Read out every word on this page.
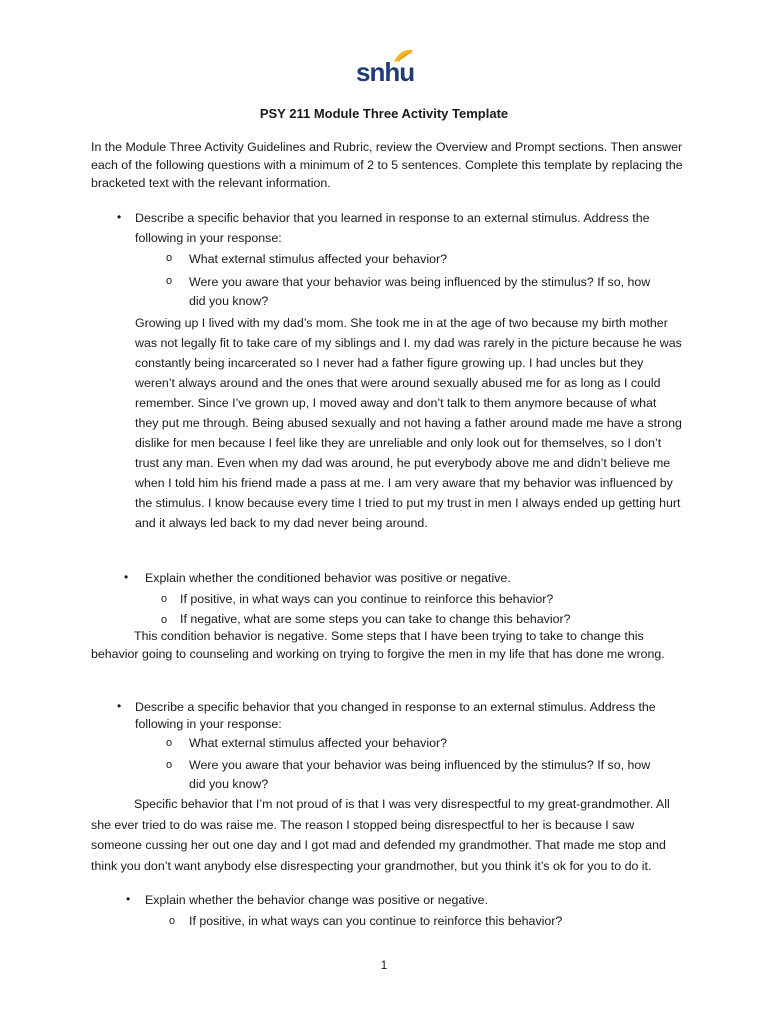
snhu
PSY 211 Module Three Activity Template
In the Module Three Activity Guidelines and Rubric, review the Overview and Prompt sections. Then answer each of the following questions with a minimum of 2 to 5 sentences. Complete this template by replacing the bracketed text with the relevant information.
• Describe a specific behavior that you learned in response to an external stimulus. Address the
following in your response:
o What external stimulus affected your behavior?
o Were you aware that your behavior was being influenced by the stimulus? If so, how
did you know?
Growing up I lived with my dad’s mom. She took me in at the age of two because my birth mother was not legally fit to take care of my siblings and I. my dad was rarely in the picture because he was constantly being incarcerated so I never had a father figure growing up. I had uncles but they weren’t always around and the ones that were around sexually abused me for as long as I could remember. Since I’ve grown up, I moved away and don’t talk to them anymore because of what they put me through. Being abused sexually and not having a father around made me have a strong dislike for men because I feel like they are unreliable and only look out for themselves, so I don’t trust any man. Even when my dad was around, he put everybody above me and didn’t believe me when I told him his friend made a pass at me. I am very aware that my behavior was influenced by the stimulus. I know because every time I tried to put my trust in men I always ended up getting hurt and it always led back to my dad never being around.
• Explain whether the conditioned behavior was positive or negative.
o If positive, in what ways can you continue to reinforce this behavior?
o If negative, what are some steps you can take to change this behavior?
This condition behavior is negative. Some steps that I have been trying to take to change this behavior going to counseling and working on trying to forgive the men in my life that has done me wrong.
• Describe a specific behavior that you changed in response to an external stimulus. Address the
following in your response:
o What external stimulus affected your behavior?
o Were you aware that your behavior was being influenced by the stimulus? If so, how
did you know?
Specific behavior that I’m not proud of is that I was very disrespectful to my great-grandmother. All she ever tried to do was raise me. The reason I stopped being disrespectful to her is because I saw someone cussing her out one day and I got mad and defended my grandmother. That made me stop and think you don’t want anybody else disrespecting your grandmother, but you think it’s ok for you to do it.
• Explain whether the behavior change was positive or negative.
o If positive, in what ways can you continue to reinforce this behavior?
1
